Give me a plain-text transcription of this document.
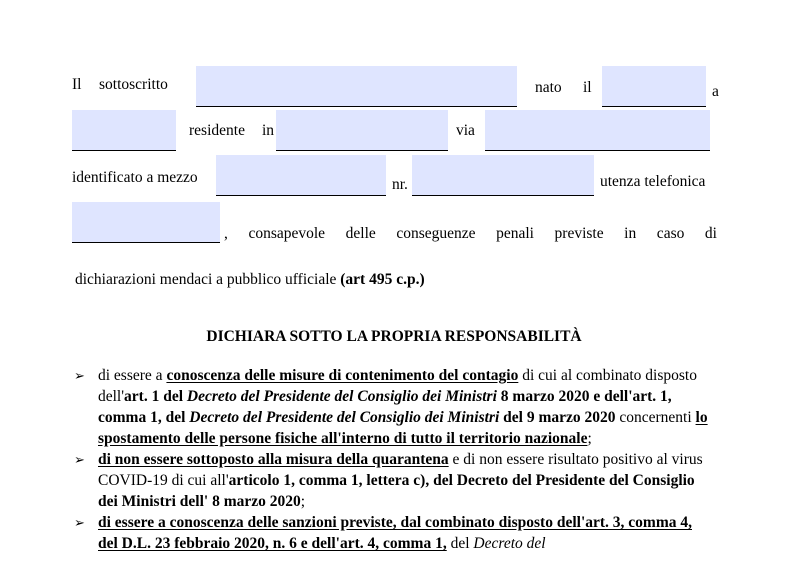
Il sottoscritto	nato il	a
residente in	via
identificato a mezzo	nr.	utenza telefonica
, consapevole delle conseguenze penali previste in caso di
dichiarazioni mendaci a pubblico ufficiale (art 495 c.p.)
DICHIARA SOTTO LA PROPRIA RESPONSABILITÀ
➢ di essere a conoscenza delle misure di contenimento del contagio di cui al combinato disposto dell'art. 1 del Decreto del Presidente del Consiglio dei Ministri 8 marzo 2020 e dell'art. 1, comma 1, del Decreto del Presidente del Consiglio dei Ministri del 9 marzo 2020 concernenti lo spostamento delle persone fisiche all'interno di tutto il territorio nazionale;
➢ di non essere sottoposto alla misura della quarantena e di non essere risultato positivo al virus COVID-19 di cui all'articolo 1, comma 1, lettera c), del Decreto del Presidente del Consiglio dei Ministri dell' 8 marzo 2020;
➢ di essere a conoscenza delle sanzioni previste, dal combinato disposto dell'art. 3, comma 4, del D.L. 23 febbraio 2020, n. 6 e dell'art. 4, comma 1, del Decreto del
